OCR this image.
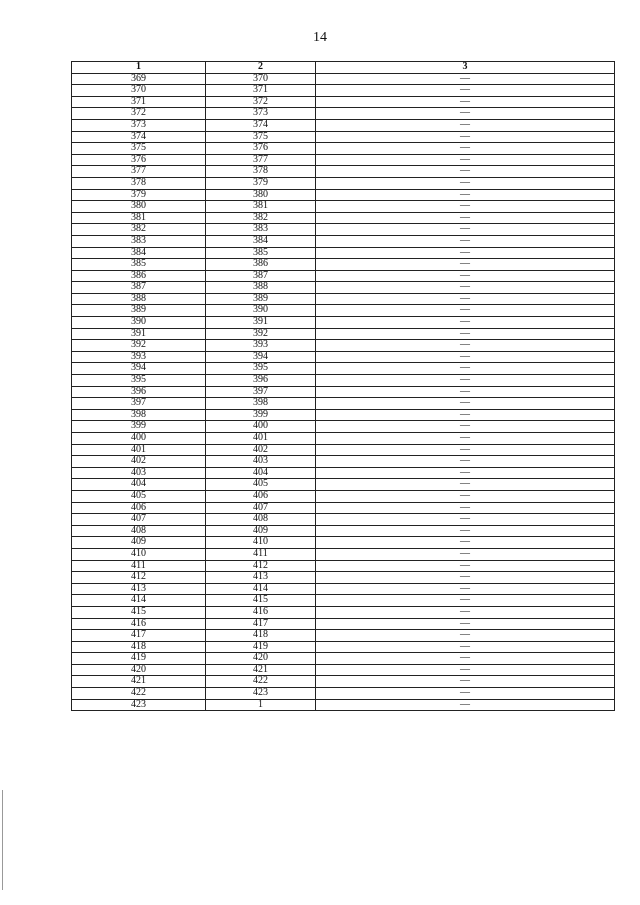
14
1	2	3
369	370	—
370	371	—
371	372	—
372	373	—
373	374	—
374	375	—
375	376	—
376	377	—
377	378	—
378	379	—
379	380	—
380	381	—
381	382	—
382	383	—
383	384	—
384	385	—
385	386	—
386	387	—
387	388	—
388	389	—
389	390	—
390	391	—
391	392	—
392	393	—
393	394	—
394	395	—
395	396	—
396	397	—
397	398	—
398	399	—
399	400	—
400	401	—
401	402	—
402	403	—
403	404	—
404	405	—
405	406	—
406	407	—
407	408	—
408	409	—
409	410	—
410	411	—
411	412	—
412	413	—
413	414	—
414	415	—
415	416	—
416	417	—
417	418	—
418	419	—
419	420	—
420	421	—
421	422	—
422	423	—
423	1	—
